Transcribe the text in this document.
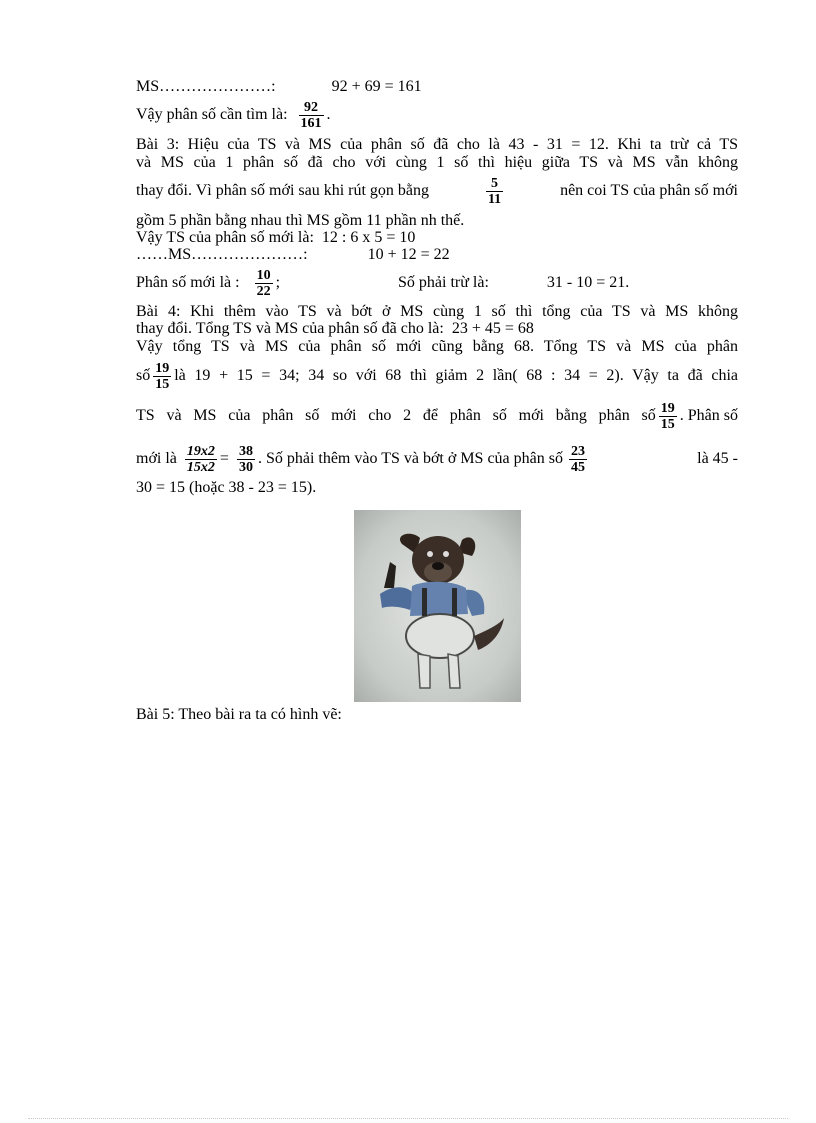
MS…………………:	92 + 69 = 161
Vậy phân số cần tìm là: $\frac{92}{161}$ .
Bài 3: Hiệu của TS và MS của phân số đã cho là 43 - 31 = 12. Khi ta trừ cả TS
và MS của 1 phân số đã cho với cùng 1 số thì hiệu giữa TS và MS vẫn không
thay đổi. Vì phân số mới sau khi rút gọn bằng	$\frac{5}{11}$	nên coi TS của phân số mới
gồm 5 phần bằng nhau thì MS gồm 11 phần nh thế.
Vậy TS của phân số mới là: 12 : 6 x 5 = 10
……MS…………………:	10 + 12 = 22
Phân số mới là : $\frac{10}{22}$ ;	Số phải trừ là:	31 - 10 = 21.
Bài 4: Khi thêm vào TS và bớt ở MS cùng 1 số thì tổng của TS và MS không
thay đổi. Tổng TS và MS của phân số đã cho là: 23 + 45 = 68
Vậy tổng TS và MS của phân số mới cũng bằng 68. Tổng TS và MS của phân
số $\frac{19}{15}$ là 19 + 15 = 34; 34 so với 68 thì giảm 2 lần( 68 : 34 = 2). Vậy ta đã chia
TS và MS của phân số mới cho 2 để phân số mới bằng phân số $\frac{19}{15}$ . Phân số
mới là $\frac{19x2}{15x2} = \frac{38}{30}$ . Số phải thêm vào TS và bớt ở MS của phân số $\frac{23}{45}$	là 45 -
30 = 15 (hoặc 38 - 23 = 15).
Bài 5: Theo bài ra ta có hình vẽ:
